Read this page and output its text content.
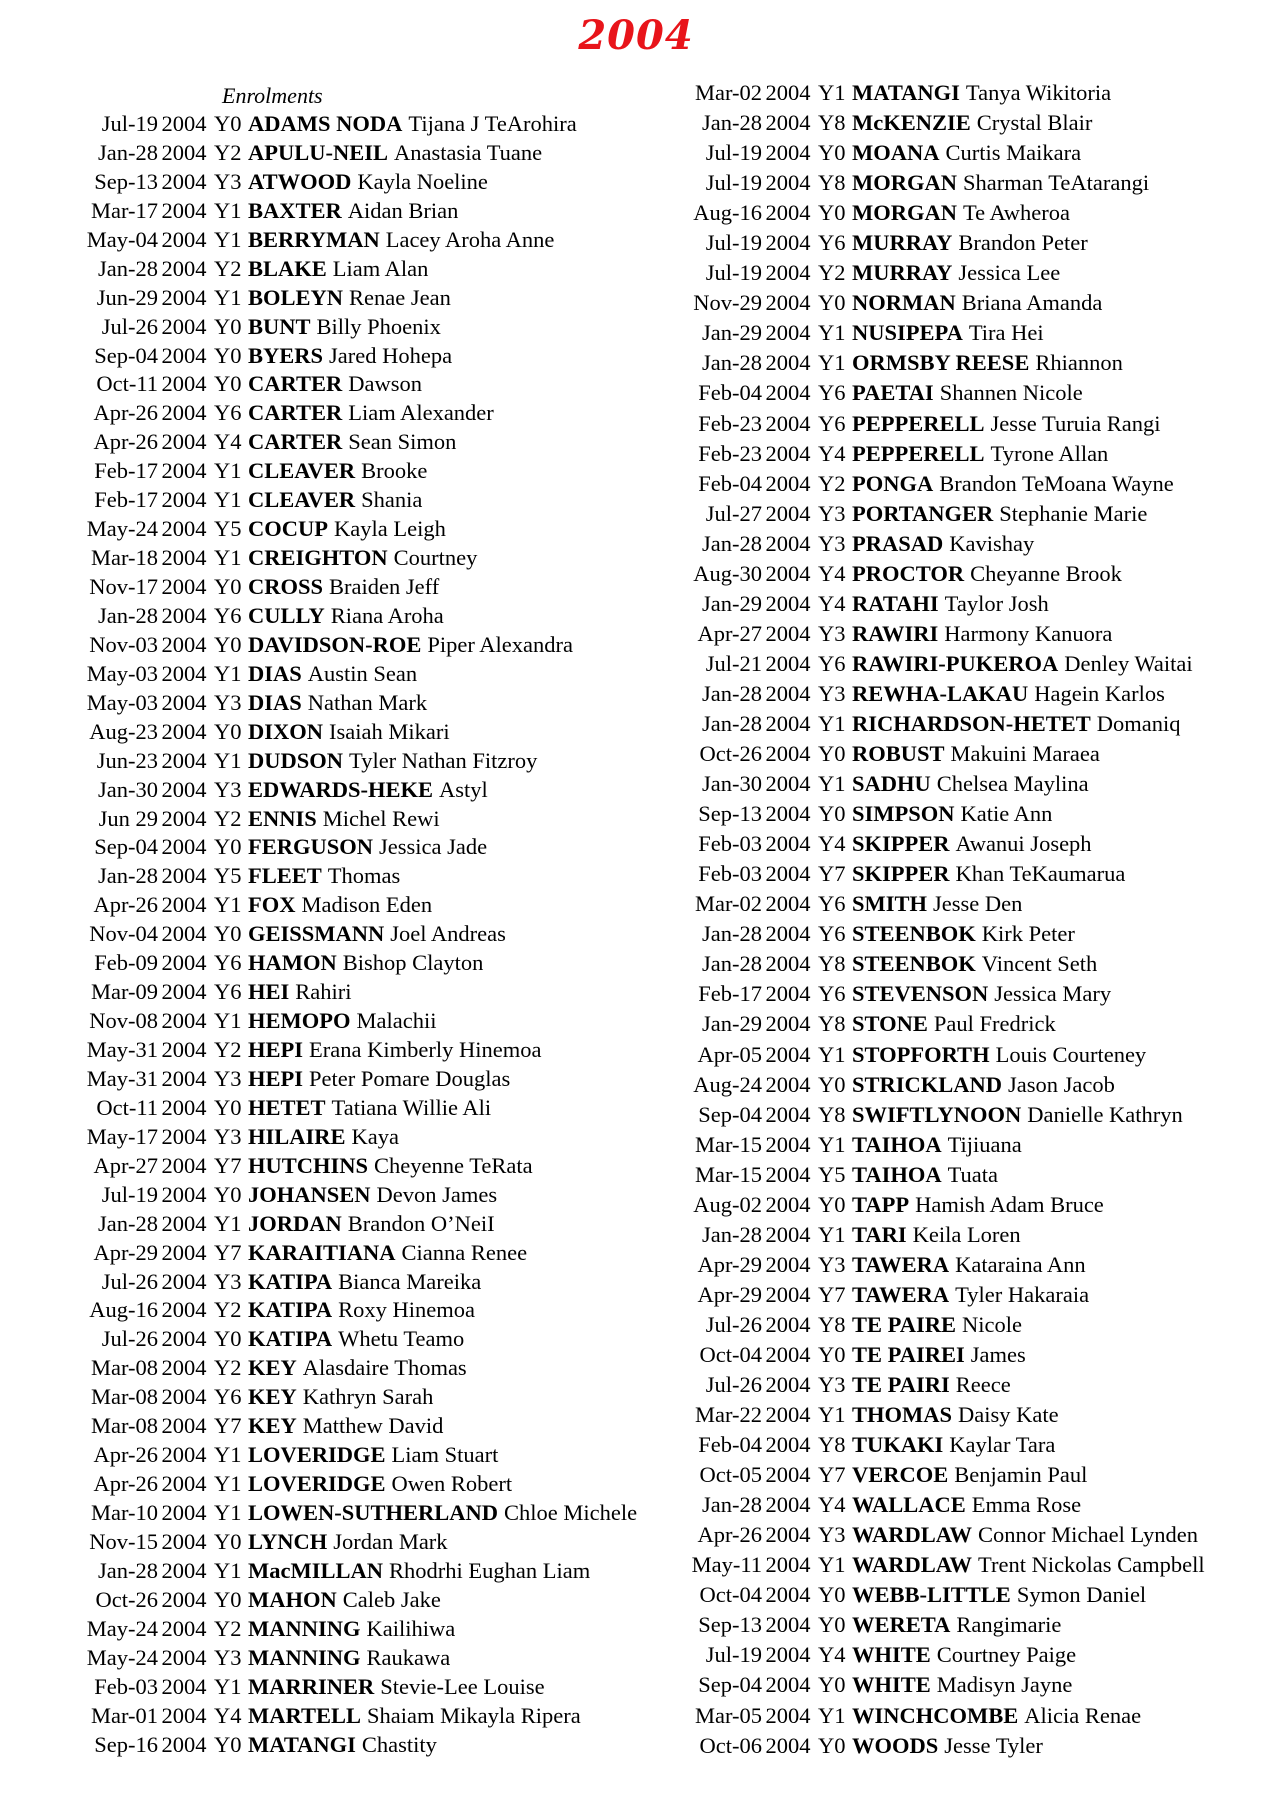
2004
Enrolments
Jul-19 2004 Y0 ADAMS NODA Tijana J TeArohira
Jan-28 2004 Y2 APULU-NEIL Anastasia Tuane
Sep-13 2004 Y3 ATWOOD Kayla Noeline
Mar-17 2004 Y1 BAXTER Aidan Brian
May-04 2004 Y1 BERRYMAN Lacey Aroha Anne
Jan-28 2004 Y2 BLAKE Liam Alan
Jun-29 2004 Y1 BOLEYN Renae Jean
Jul-26 2004 Y0 BUNT Billy Phoenix
Sep-04 2004 Y0 BYERS Jared Hohepa
Oct-11 2004 Y0 CARTER Dawson
Apr-26 2004 Y6 CARTER Liam Alexander
Apr-26 2004 Y4 CARTER Sean Simon
Feb-17 2004 Y1 CLEAVER Brooke
Feb-17 2004 Y1 CLEAVER Shania
May-24 2004 Y5 COCUP Kayla Leigh
Mar-18 2004 Y1 CREIGHTON Courtney
Nov-17 2004 Y0 CROSS Braiden Jeff
Jan-28 2004 Y6 CULLY Riana Aroha
Nov-03 2004 Y0 DAVIDSON-ROE Piper Alexandra
May-03 2004 Y1 DIAS Austin Sean
May-03 2004 Y3 DIAS Nathan Mark
Aug-23 2004 Y0 DIXON Isaiah Mikari
Jun-23 2004 Y1 DUDSON Tyler Nathan Fitzroy
Jan-30 2004 Y3 EDWARDS-HEKE Astyl
Jun 29 2004 Y2 ENNIS Michel Rewi
Sep-04 2004 Y0 FERGUSON Jessica Jade
Jan-28 2004 Y5 FLEET Thomas
Apr-26 2004 Y1 FOX Madison Eden
Nov-04 2004 Y0 GEISSMANN Joel Andreas
Feb-09 2004 Y6 HAMON Bishop Clayton
Mar-09 2004 Y6 HEI Rahiri
Nov-08 2004 Y1 HEMOPO Malachii
May-31 2004 Y2 HEPI Erana Kimberly Hinemoa
May-31 2004 Y3 HEPI Peter Pomare Douglas
Oct-11 2004 Y0 HETET Tatiana Willie Ali
May-17 2004 Y3 HILAIRE Kaya
Apr-27 2004 Y7 HUTCHINS Cheyenne TeRata
Jul-19 2004 Y0 JOHANSEN Devon James
Jan-28 2004 Y1 JORDAN Brandon O’NeiI
Apr-29 2004 Y7 KARAITIANA Cianna Renee
Jul-26 2004 Y3 KATIPA Bianca Mareika
Aug-16 2004 Y2 KATIPA Roxy Hinemoa
Jul-26 2004 Y0 KATIPA Whetu Teamo
Mar-08 2004 Y2 KEY Alasdaire Thomas
Mar-08 2004 Y6 KEY Kathryn Sarah
Mar-08 2004 Y7 KEY Matthew David
Apr-26 2004 Y1 LOVERIDGE Liam Stuart
Apr-26 2004 Y1 LOVERIDGE Owen Robert
Mar-10 2004 Y1 LOWEN-SUTHERLAND Chloe Michele
Nov-15 2004 Y0 LYNCH Jordan Mark
Jan-28 2004 Y1 MacMILLAN Rhodrhi Eughan Liam
Oct-26 2004 Y0 MAHON Caleb Jake
May-24 2004 Y2 MANNING Kailihiwa
May-24 2004 Y3 MANNING Raukawa
Feb-03 2004 Y1 MARRINER Stevie-Lee Louise
Mar-01 2004 Y4 MARTELL Shaiam Mikayla Ripera
Sep-16 2004 Y0 MATANGI Chastity
Mar-02 2004 Y1 MATANGI Tanya Wikitoria
Jan-28 2004 Y8 McKENZIE Crystal Blair
Jul-19 2004 Y0 MOANA Curtis Maikara
Jul-19 2004 Y8 MORGAN Sharman TeAtarangi
Aug-16 2004 Y0 MORGAN Te Awheroa
Jul-19 2004 Y6 MURRAY Brandon Peter
Jul-19 2004 Y2 MURRAY Jessica Lee
Nov-29 2004 Y0 NORMAN Briana Amanda
Jan-29 2004 Y1 NUSIPEPA Tira Hei
Jan-28 2004 Y1 ORMSBY REESE Rhiannon
Feb-04 2004 Y6 PAETAI Shannen Nicole
Feb-23 2004 Y6 PEPPERELL Jesse Turuia Rangi
Feb-23 2004 Y4 PEPPERELL Tyrone Allan
Feb-04 2004 Y2 PONGA Brandon TeMoana Wayne
Jul-27 2004 Y3 PORTANGER Stephanie Marie
Jan-28 2004 Y3 PRASAD Kavishay
Aug-30 2004 Y4 PROCTOR Cheyanne Brook
Jan-29 2004 Y4 RATAHI Taylor Josh
Apr-27 2004 Y3 RAWIRI Harmony Kanuora
Jul-21 2004 Y6 RAWIRI-PUKEROA Denley Waitai
Jan-28 2004 Y3 REWHA-LAKAU Hagein Karlos
Jan-28 2004 Y1 RICHARDSON-HETET Domaniq
Oct-26 2004 Y0 ROBUST Makuini Maraea
Jan-30 2004 Y1 SADHU Chelsea Maylina
Sep-13 2004 Y0 SIMPSON Katie Ann
Feb-03 2004 Y4 SKIPPER Awanui Joseph
Feb-03 2004 Y7 SKIPPER Khan TeKaumarua
Mar-02 2004 Y6 SMITH Jesse Den
Jan-28 2004 Y6 STEENBOK Kirk Peter
Jan-28 2004 Y8 STEENBOK Vincent Seth
Feb-17 2004 Y6 STEVENSON Jessica Mary
Jan-29 2004 Y8 STONE Paul Fredrick
Apr-05 2004 Y1 STOPFORTH Louis Courteney
Aug-24 2004 Y0 STRICKLAND Jason Jacob
Sep-04 2004 Y8 SWIFTLYNOON Danielle Kathryn
Mar-15 2004 Y1 TAIHOA Tijiuana
Mar-15 2004 Y5 TAIHOA Tuata
Aug-02 2004 Y0 TAPP Hamish Adam Bruce
Jan-28 2004 Y1 TARI Keila Loren
Apr-29 2004 Y3 TAWERA Kataraina Ann
Apr-29 2004 Y7 TAWERA Tyler Hakaraia
Jul-26 2004 Y8 TE PAIRE Nicole
Oct-04 2004 Y0 TE PAIREI James
Jul-26 2004 Y3 TE PAIRI Reece
Mar-22 2004 Y1 THOMAS Daisy Kate
Feb-04 2004 Y8 TUKAKI Kaylar Tara
Oct-05 2004 Y7 VERCOE Benjamin Paul
Jan-28 2004 Y4 WALLACE Emma Rose
Apr-26 2004 Y3 WARDLAW Connor Michael Lynden
May-11 2004 Y1 WARDLAW Trent Nickolas Campbell
Oct-04 2004 Y0 WEBB-LITTLE Symon Daniel
Sep-13 2004 Y0 WERETA Rangimarie
Jul-19 2004 Y4 WHITE Courtney Paige
Sep-04 2004 Y0 WHITE Madisyn Jayne
Mar-05 2004 Y1 WINCHCOMBE Alicia Renae
Oct-06 2004 Y0 WOODS Jesse Tyler
